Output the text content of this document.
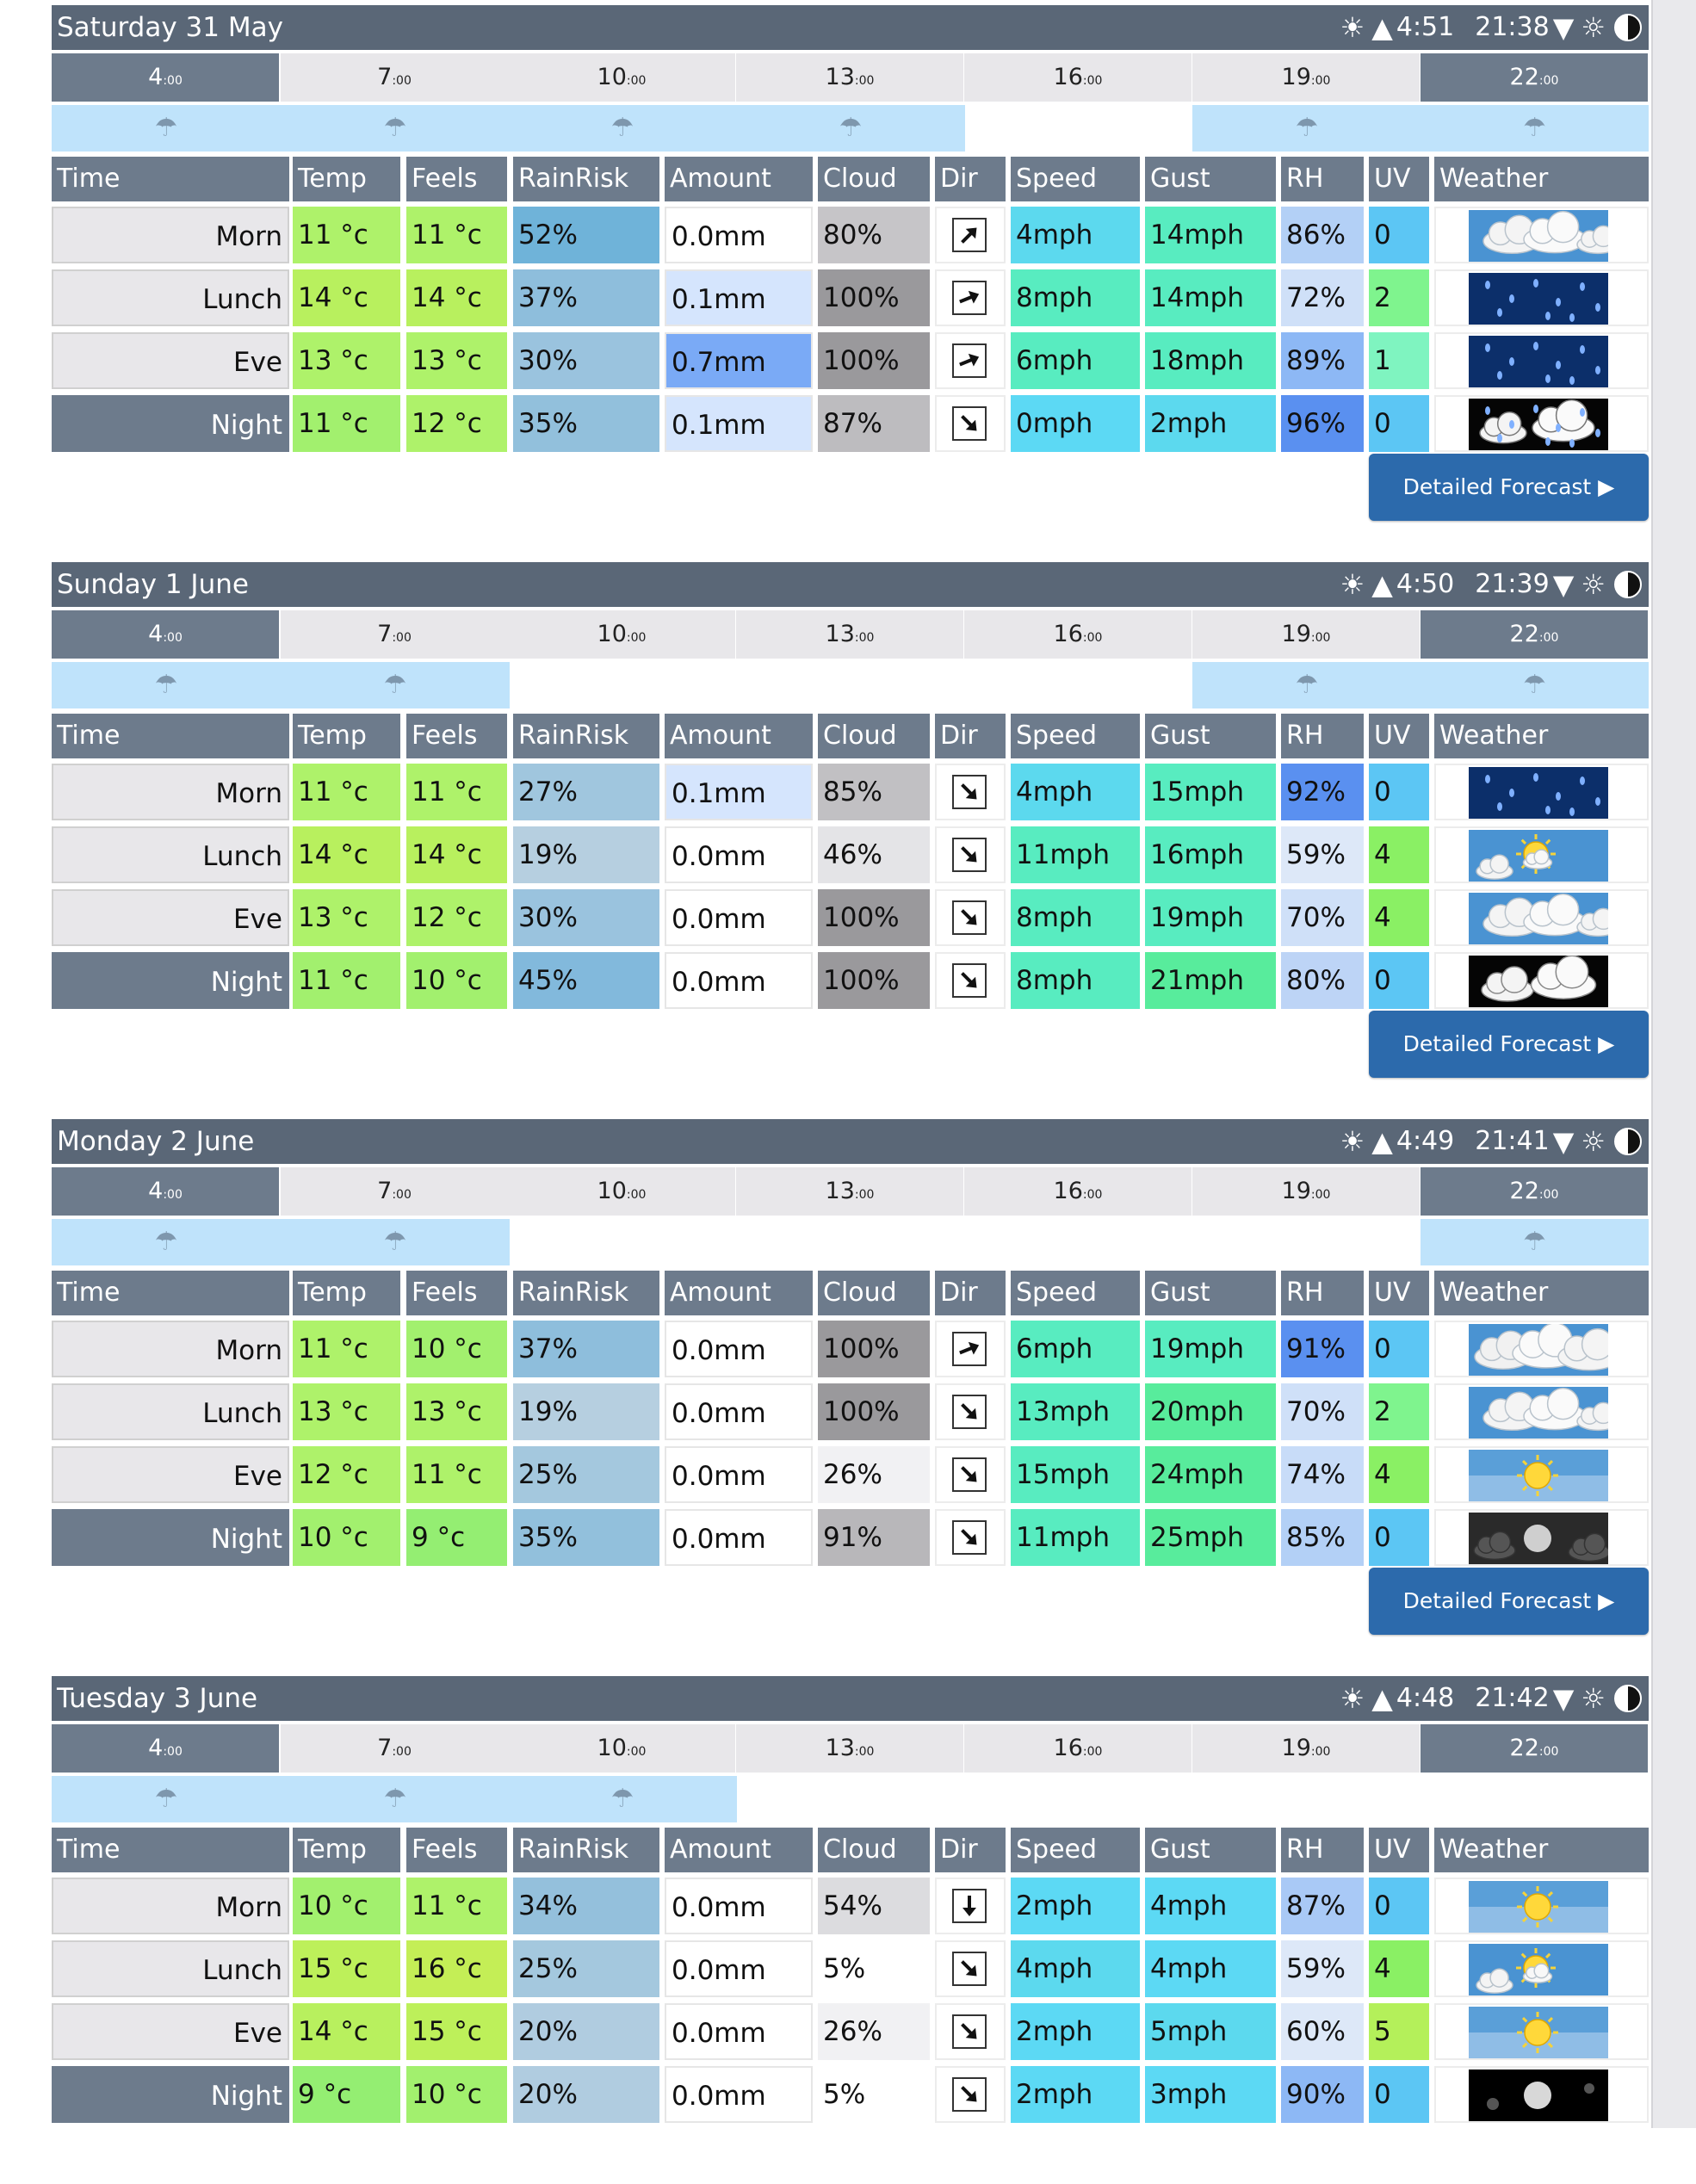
Saturday 31 May	☀ ▲ 4:51 21:38 ▼ ☼
4:00	7:00	10:00	13:00	16:00	19:00	22:00
☂	☂	☂	☂	☂	☂
Time	Temp	Feels	RainRisk	Amount	Cloud	Dir	Speed	Gust	RH	UV	Weather
Morn 11 °c	11 °c	52%	0.0mm	80%	4mph	14mph	86%	0
Lunch 14 °c	14 °c	37%	0.1mm	100%	8mph	14mph	72%	2
Eve 13 °c	13 °c	30%	0.7mm	100%	6mph	18mph	89%	1
Night 11 °c	12 °c	35%	0.1mm	87%	0mph	2mph	96%	0
Detailed Forecast ▶
Sunday 1 June	☀ ▲ 4:50 21:39 ▼ ☼
4:00	7:00	10:00	13:00	16:00	19:00	22:00
☂	☂	☂	☂
Time	Temp	Feels	RainRisk	Amount	Cloud	Dir	Speed	Gust	RH	UV	Weather
Morn 11 °c	11 °c	27%	0.1mm	85%	4mph	15mph	92%	0
Lunch 14 °c	14 °c	19%	0.0mm	46%	11mph	16mph	59%	4
Eve 13 °c	12 °c	30%	0.0mm	100%	8mph	19mph	70%	4
Night 11 °c	10 °c	45%	0.0mm	100%	8mph	21mph	80%	0
Detailed Forecast ▶
Monday 2 June	☀ ▲ 4:49 21:41 ▼ ☼
4:00	7:00	10:00	13:00	16:00	19:00	22:00
☂	☂	☂
Time	Temp	Feels	RainRisk	Amount	Cloud	Dir	Speed	Gust	RH	UV	Weather
Morn 11 °c	10 °c	37%	0.0mm	100%	6mph	19mph	91%	0
Lunch 13 °c	13 °c	19%	0.0mm	100%	13mph	20mph	70%	2
Eve 12 °c	11 °c	25%	0.0mm	26%	15mph	24mph	74%	4
Night 10 °c	9 °c	35%	0.0mm	91%	11mph	25mph	85%	0
Detailed Forecast ▶
Tuesday 3 June	☀ ▲ 4:48 21:42 ▼ ☼
4:00	7:00	10:00	13:00	16:00	19:00	22:00
☂	☂	☂
Time	Temp	Feels	RainRisk	Amount	Cloud	Dir	Speed	Gust	RH	UV	Weather
Morn 10 °c	11 °c	34%	0.0mm	54%	2mph	4mph	87%	0
Lunch 15 °c	16 °c	25%	0.0mm	5%	4mph	4mph	59%	4
Eve 14 °c	15 °c	20%	0.0mm	26%	2mph	5mph	60%	5
Night 9 °c	10 °c	20%	0.0mm	5%	2mph	3mph	90%	0
